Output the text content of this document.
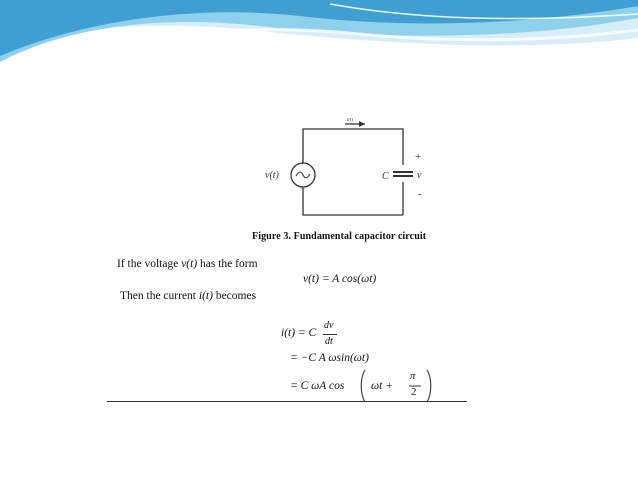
i(t)
+
−
v(t)	C
+
v
-
Figure 3. Fundamental capacitor circuit
If the voltage v(t) has the form
v(t) = A cos(ωt)
Then the current i(t) becomes
i(t) = C
dv
dt
= −C A ωsin(ωt)
= C ωA cos ωt +
π
2
